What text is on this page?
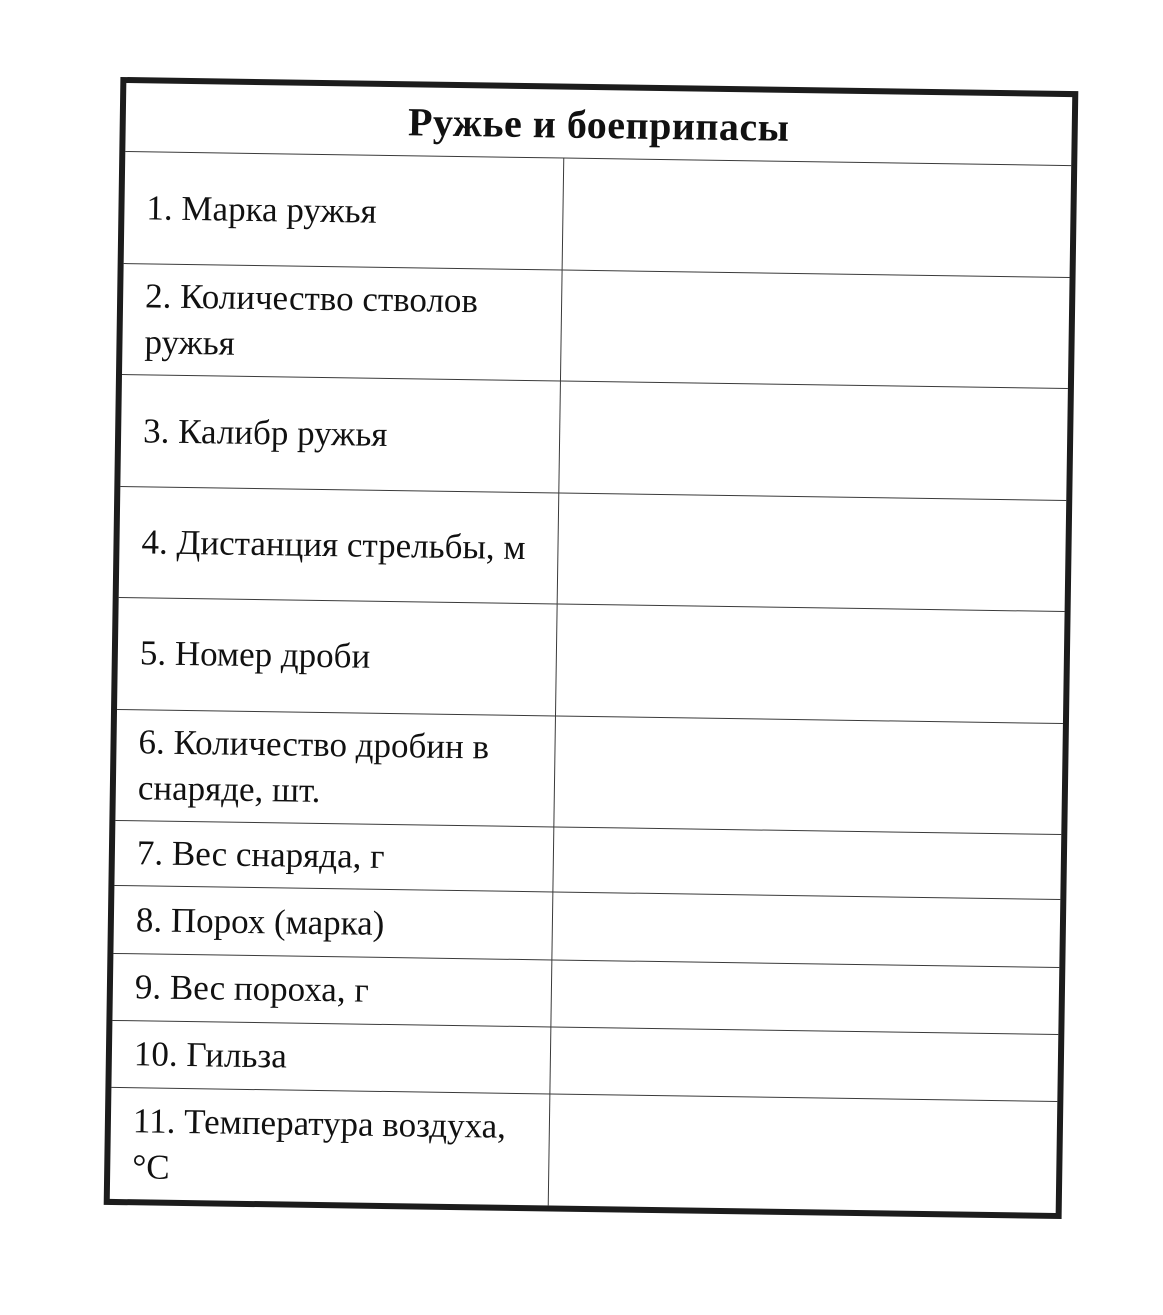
Ружье и боеприпасы	
1. Марка ружья	
2. Количество стволов ружья	
3. Калибр ружья	
4. Дистанция стрельбы, м	
5. Номер дроби	
6. Количество дробин в снаряде, шт.	
7. Вес снаряда, г	
8. Порох (марка)	
9. Вес пороха, г	
10. Гильза	
11. Температура воздуха, °С	
